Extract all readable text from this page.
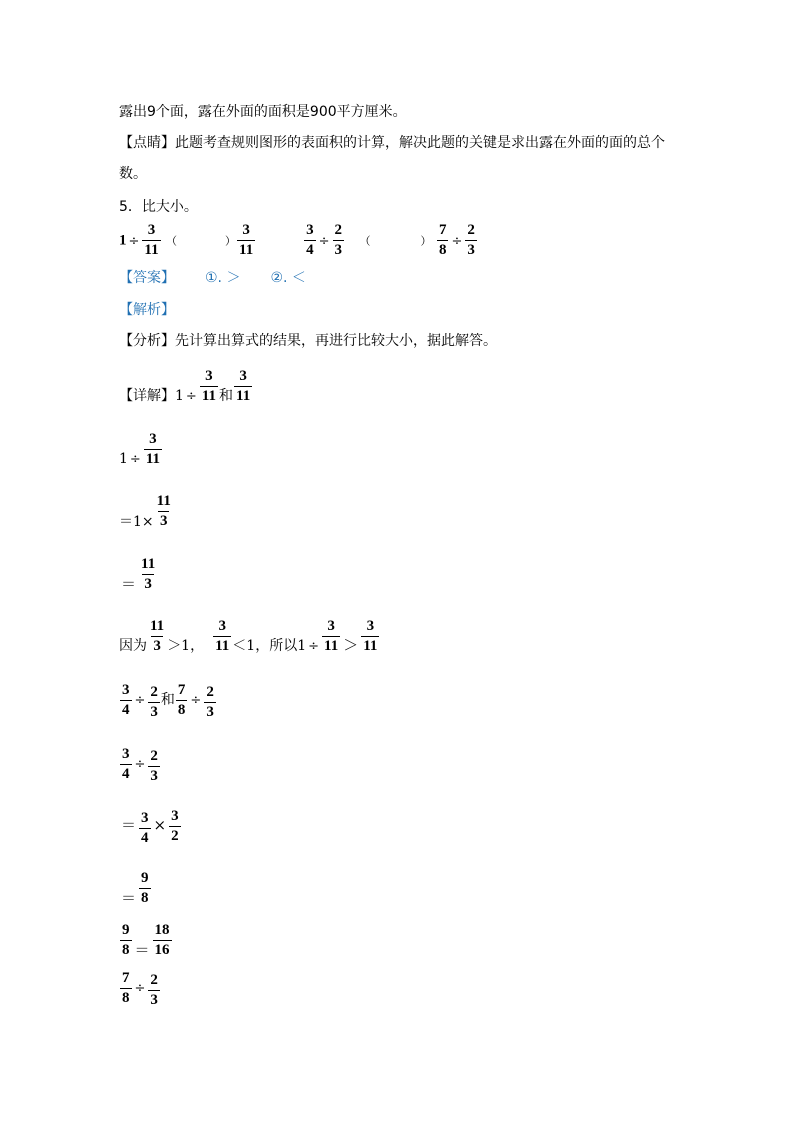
露出9个面，露在外面的面积是900平方厘米。
【点睛】此题考查规则图形的表面积的计算，解决此题的关键是求出露在外面的面的总个
数。
5．比大小。
$1 \div \frac{3}{11}$ （	） $\frac{3}{11}$
	$\frac{3}{4} \div \frac{2}{3}$ （	） $\frac{7}{8} \div \frac{2}{3}$
【答案】 ①. ＞ ②. ＜
【解析】
【分析】先计算出算式的结果，再进行比较大小，据此解答。
【详解】$1 \div \frac{3}{11}$ 和 $\frac{3}{11}$
$1 \div \frac{3}{11}$
$=1\times \frac{11}{3}$
＝ $\frac{11}{3}$
因为 $\frac{11}{3} >1$， $\frac{3}{11} <1$，所以$1 \div \frac{3}{11} > \frac{3}{11}$
$\frac{3}{4} \div \frac{2}{3}$ 和 $\frac{7}{8} \div \frac{2}{3}$
$\frac{3}{4} \div \frac{2}{3}$
＝ $\frac{3}{4} \times \frac{3}{2}$
＝ $\frac{9}{8}$
$\frac{9}{8} = \frac{18}{16}$
$\frac{7}{8} \div \frac{2}{3}$
